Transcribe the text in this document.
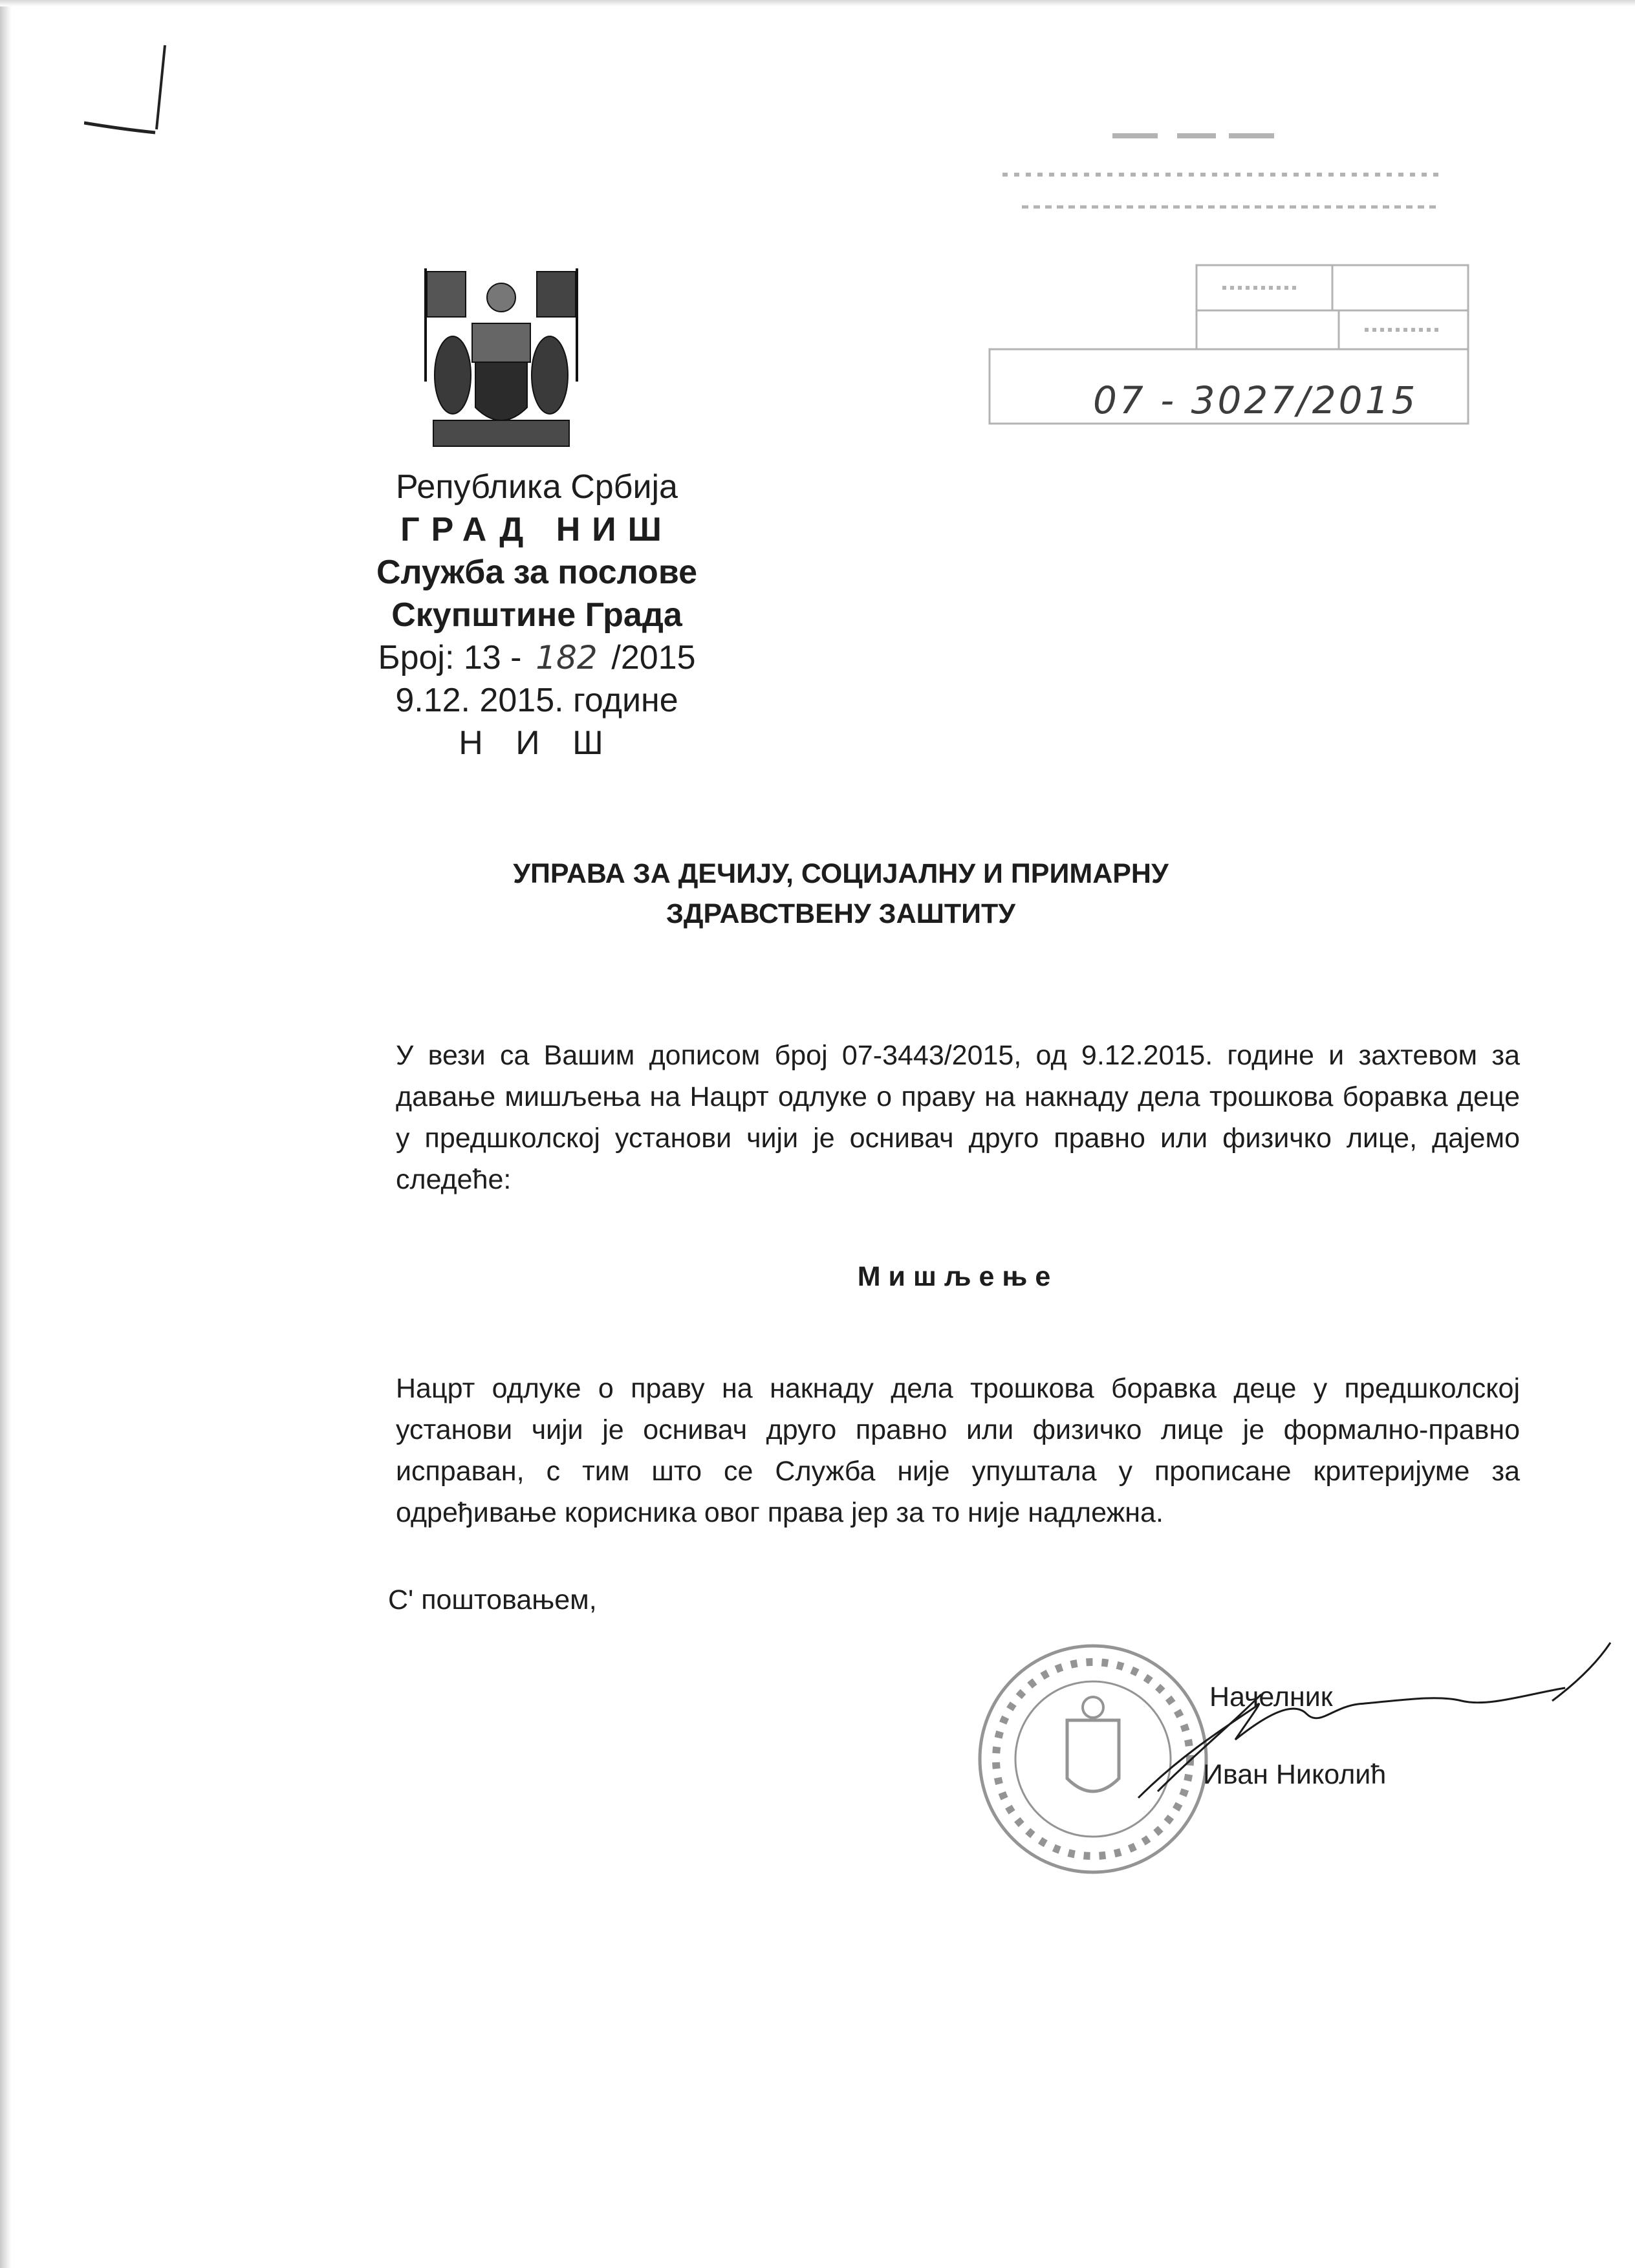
07 - 3027/2015
Република Србија
ГРАД НИШ
Служба за послове
Скупштине Града
Број: 13 - 182 /2015
9.12. 2015. године
Н И Ш
УПРАВА ЗА ДЕЧИЈУ, СОЦИЈАЛНУ И ПРИМАРНУ
ЗДРАВСТВЕНУ ЗАШТИТУ
У вези са Вашим дописом број 07-3443/2015, од 9.12.2015. године и захтевом за давање мишљења на Нацрт одлуке о праву на накнаду дела трошкова боравка деце у предшколској установи чији је оснивач друго правно или физичко лице, дајемо следеће:
Мишљење
Нацрт одлуке о праву на накнаду дела трошкова боравка деце у предшколској установи чији је оснивач друго правно или физичко лице је формално-правно исправан, с тим што се Служба није упуштала у прописане критеријуме за одређивање корисника овог права јер за то није надлежна.
С' поштовањем,
Начелник
Иван Николић
